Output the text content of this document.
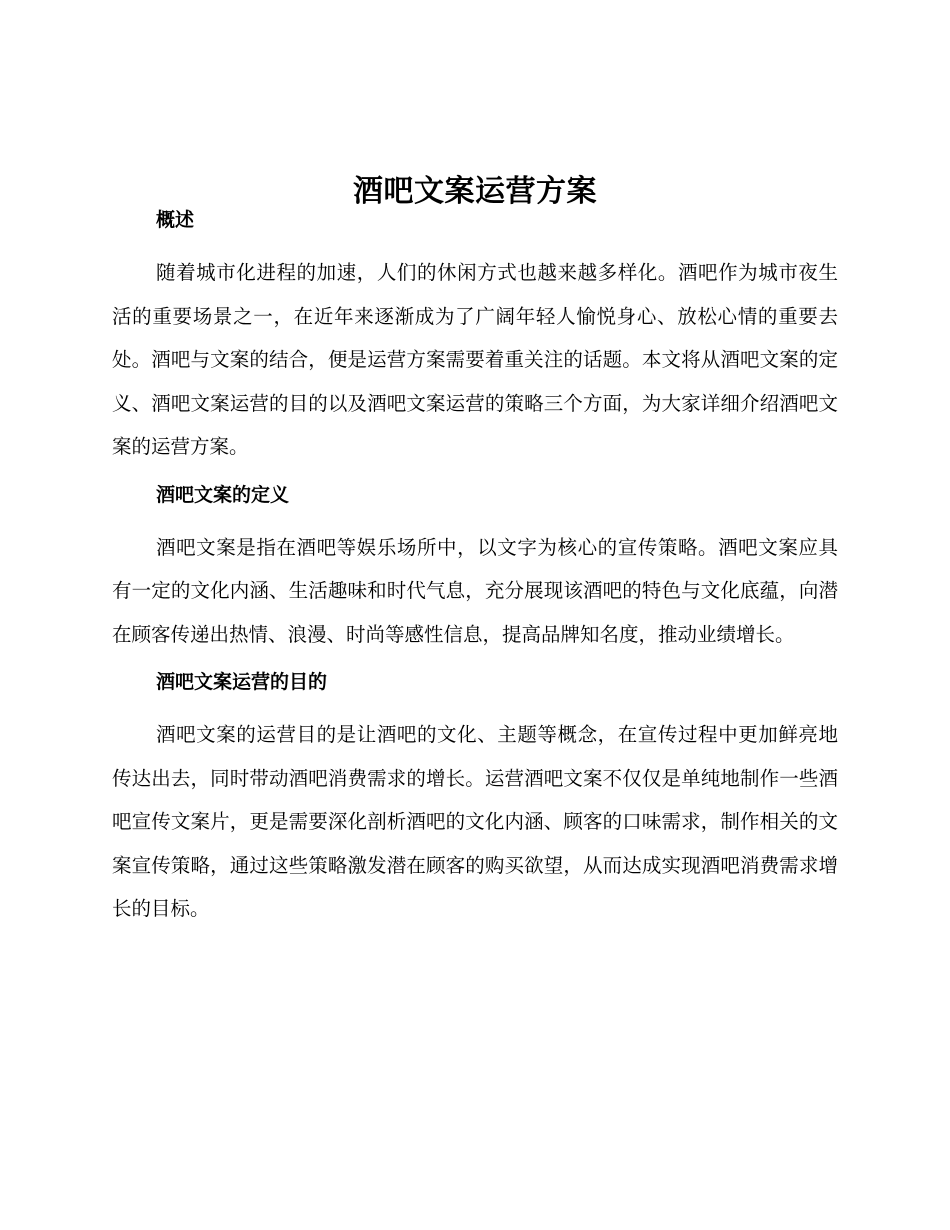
酒吧文案运营方案
概述

随着城市化进程的加速，人们的休闲方式也越来越多样化。酒吧作为城市夜生活的重要场景之一，在近年来逐渐成为了广阔年轻人愉悦身心、放松心情的重要去处。酒吧与文案的结合，便是运营方案需要着重关注的话题。本文将从酒吧文案的定义、酒吧文案运营的目的以及酒吧文案运营的策略三个方面，为大家详细介绍酒吧文案的运营方案。

酒吧文案的定义

酒吧文案是指在酒吧等娱乐场所中，以文字为核心的宣传策略。酒吧文案应具有一定的文化内涵、生活趣味和时代气息，充分展现该酒吧的特色与文化底蕴，向潜在顾客传递出热情、浪漫、时尚等感性信息，提高品牌知名度，推动业绩增长。

酒吧文案运营的目的

酒吧文案的运营目的是让酒吧的文化、主题等概念，在宣传过程中更加鲜亮地传达出去，同时带动酒吧消费需求的增长。运营酒吧文案不仅仅是单纯地制作一些酒吧宣传文案片，更是需要深化剖析酒吧的文化内涵、顾客的口味需求，制作相关的文案宣传策略，通过这些策略激发潜在顾客的购买欲望，从而达成实现酒吧消费需求增长的目标。
